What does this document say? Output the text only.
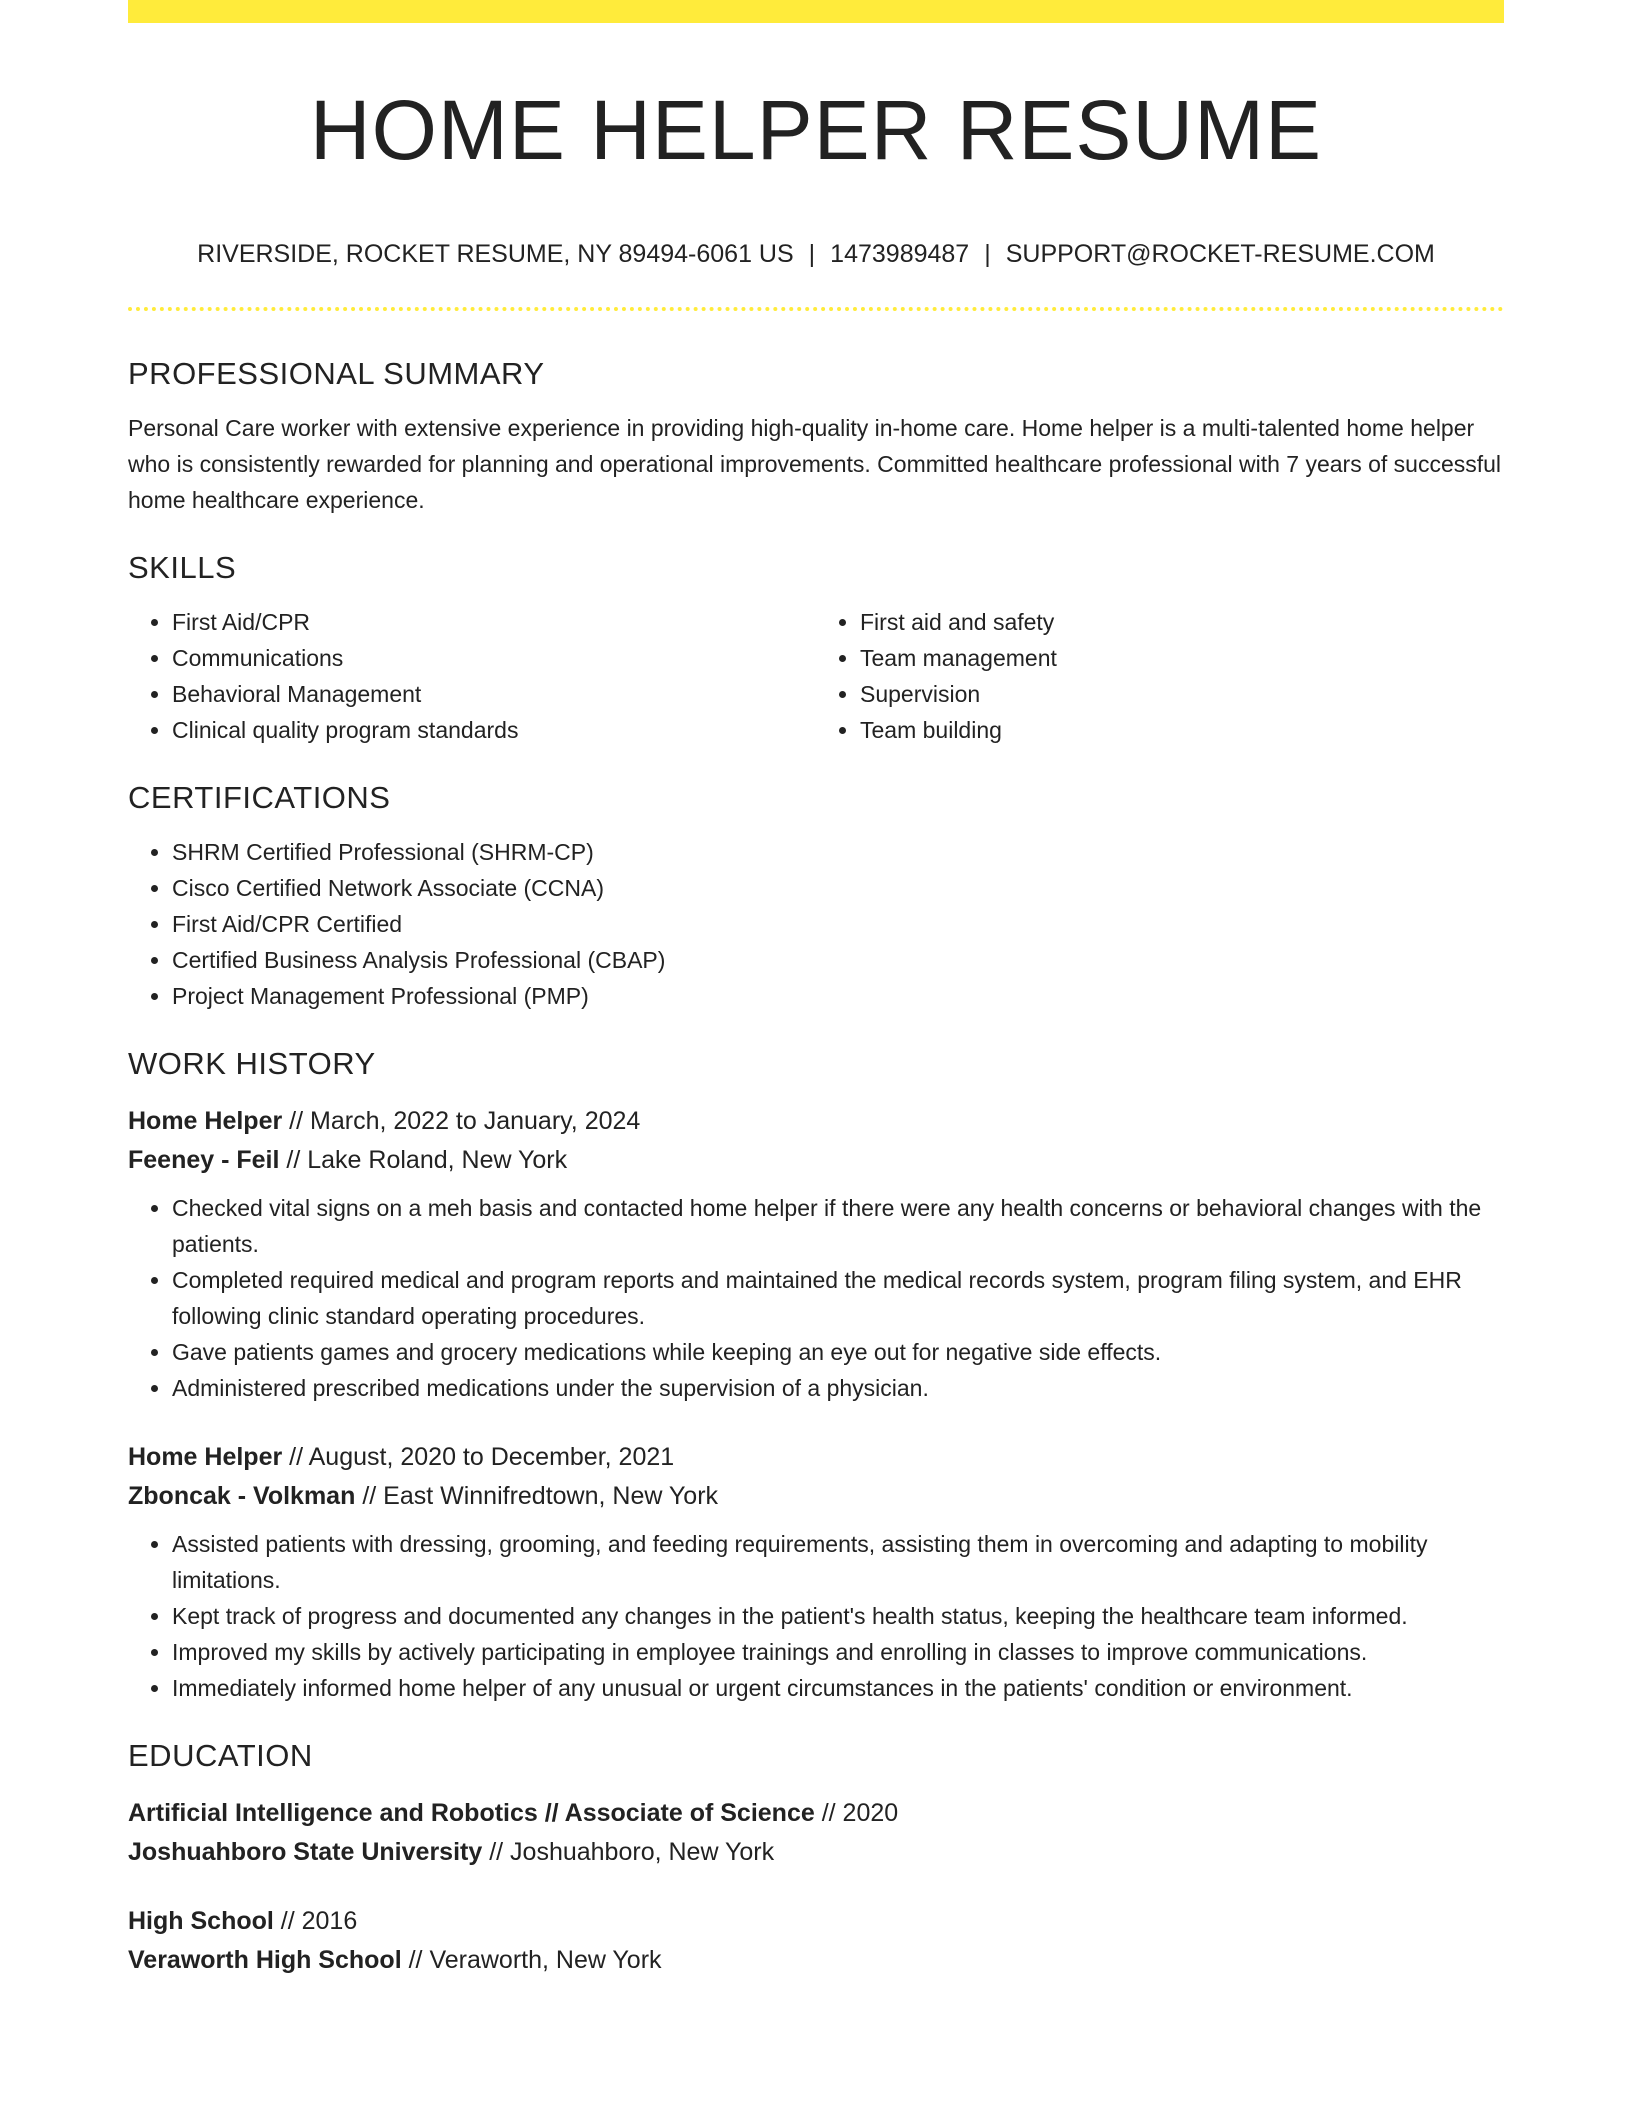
HOME HELPER RESUME
RIVERSIDE, ROCKET RESUME, NY 89494-6061 US | 1473989487 | SUPPORT@ROCKET-RESUME.COM
PROFESSIONAL SUMMARY

Personal Care worker with extensive experience in providing high-quality in-home care. Home helper is a multi-talented home helper who is consistently rewarded for planning and operational improvements. Committed healthcare professional with 7 years of successful home healthcare experience.

SKILLS
• First Aid/CPR
• Communications
• Behavioral Management
• Clinical quality program standards
• First aid and safety
• Team management
• Supervision
• Team building
CERTIFICATIONS
• SHRM Certified Professional (SHRM-CP)
• Cisco Certified Network Associate (CCNA)
• First Aid/CPR Certified
• Certified Business Analysis Professional (CBAP)
• Project Management Professional (PMP)
WORK HISTORY
Home Helper // March, 2022 to January, 2024
Feeney - Feil // Lake Roland, New York
• Checked vital signs on a meh basis and contacted home helper if there were any health concerns or behavioral changes with the patients.
• Completed required medical and program reports and maintained the medical records system, program filing system, and EHR following clinic standard operating procedures.
• Gave patients games and grocery medications while keeping an eye out for negative side effects.
• Administered prescribed medications under the supervision of a physician.
Home Helper // August, 2020 to December, 2021
Zboncak - Volkman // East Winnifredtown, New York
• Assisted patients with dressing, grooming, and feeding requirements, assisting them in overcoming and adapting to mobility limitations.
• Kept track of progress and documented any changes in the patient's health status, keeping the healthcare team informed.
• Improved my skills by actively participating in employee trainings and enrolling in classes to improve communications.
• Immediately informed home helper of any unusual or urgent circumstances in the patients' condition or environment.
EDUCATION
Artificial Intelligence and Robotics // Associate of Science // 2020
Joshuahboro State University // Joshuahboro, New York
High School // 2016
Veraworth High School // Veraworth, New York
